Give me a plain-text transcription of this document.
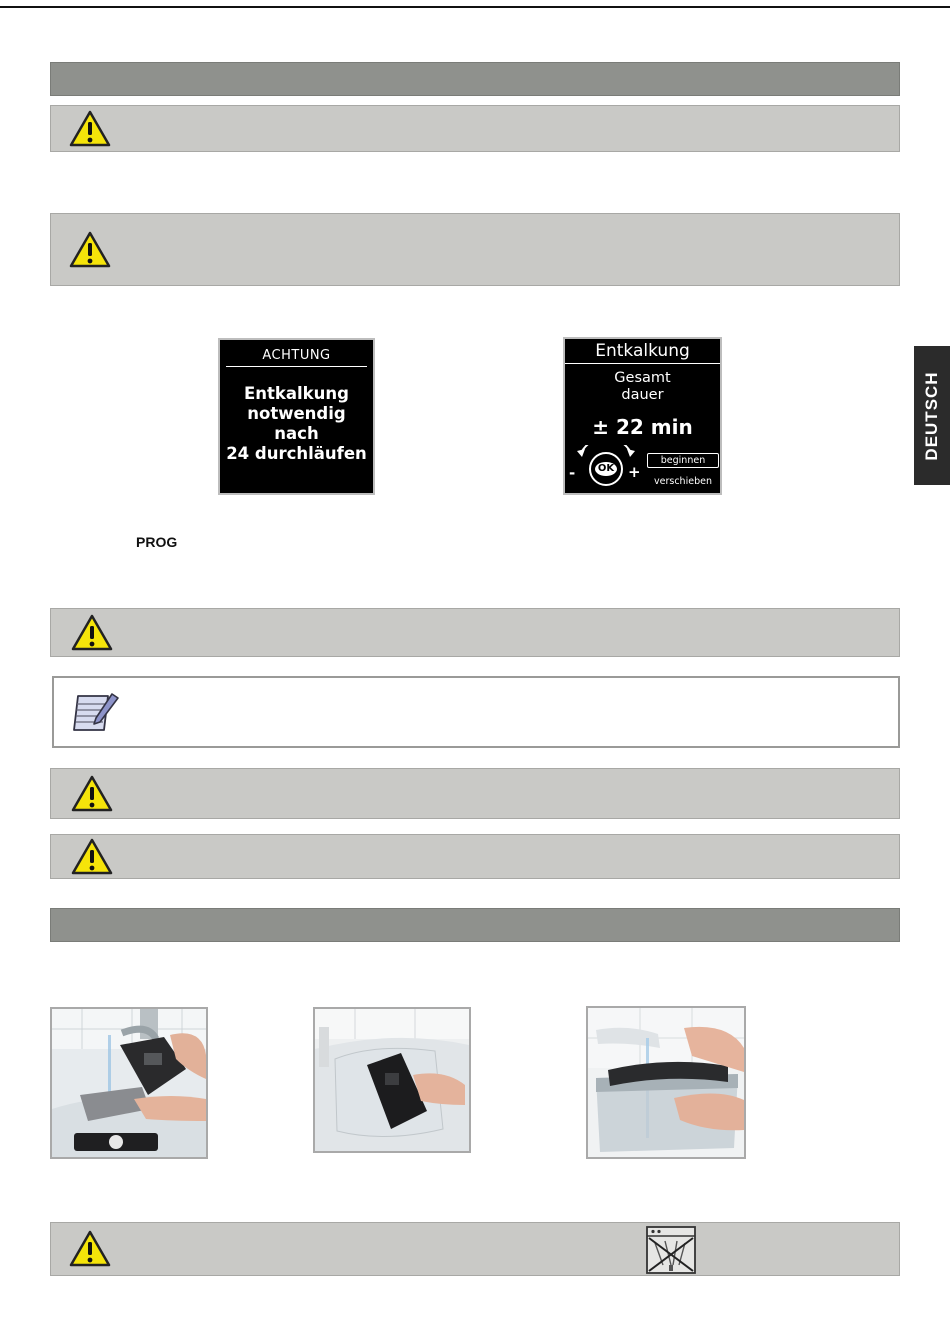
ACHTUNG
Entkalkung
notwendig
nach
24 durchläufen
Entkalkung
Gesamt
dauer
± 22 min
-	+
OK
beginnen
verschieben
DEUTSCH
PROG
